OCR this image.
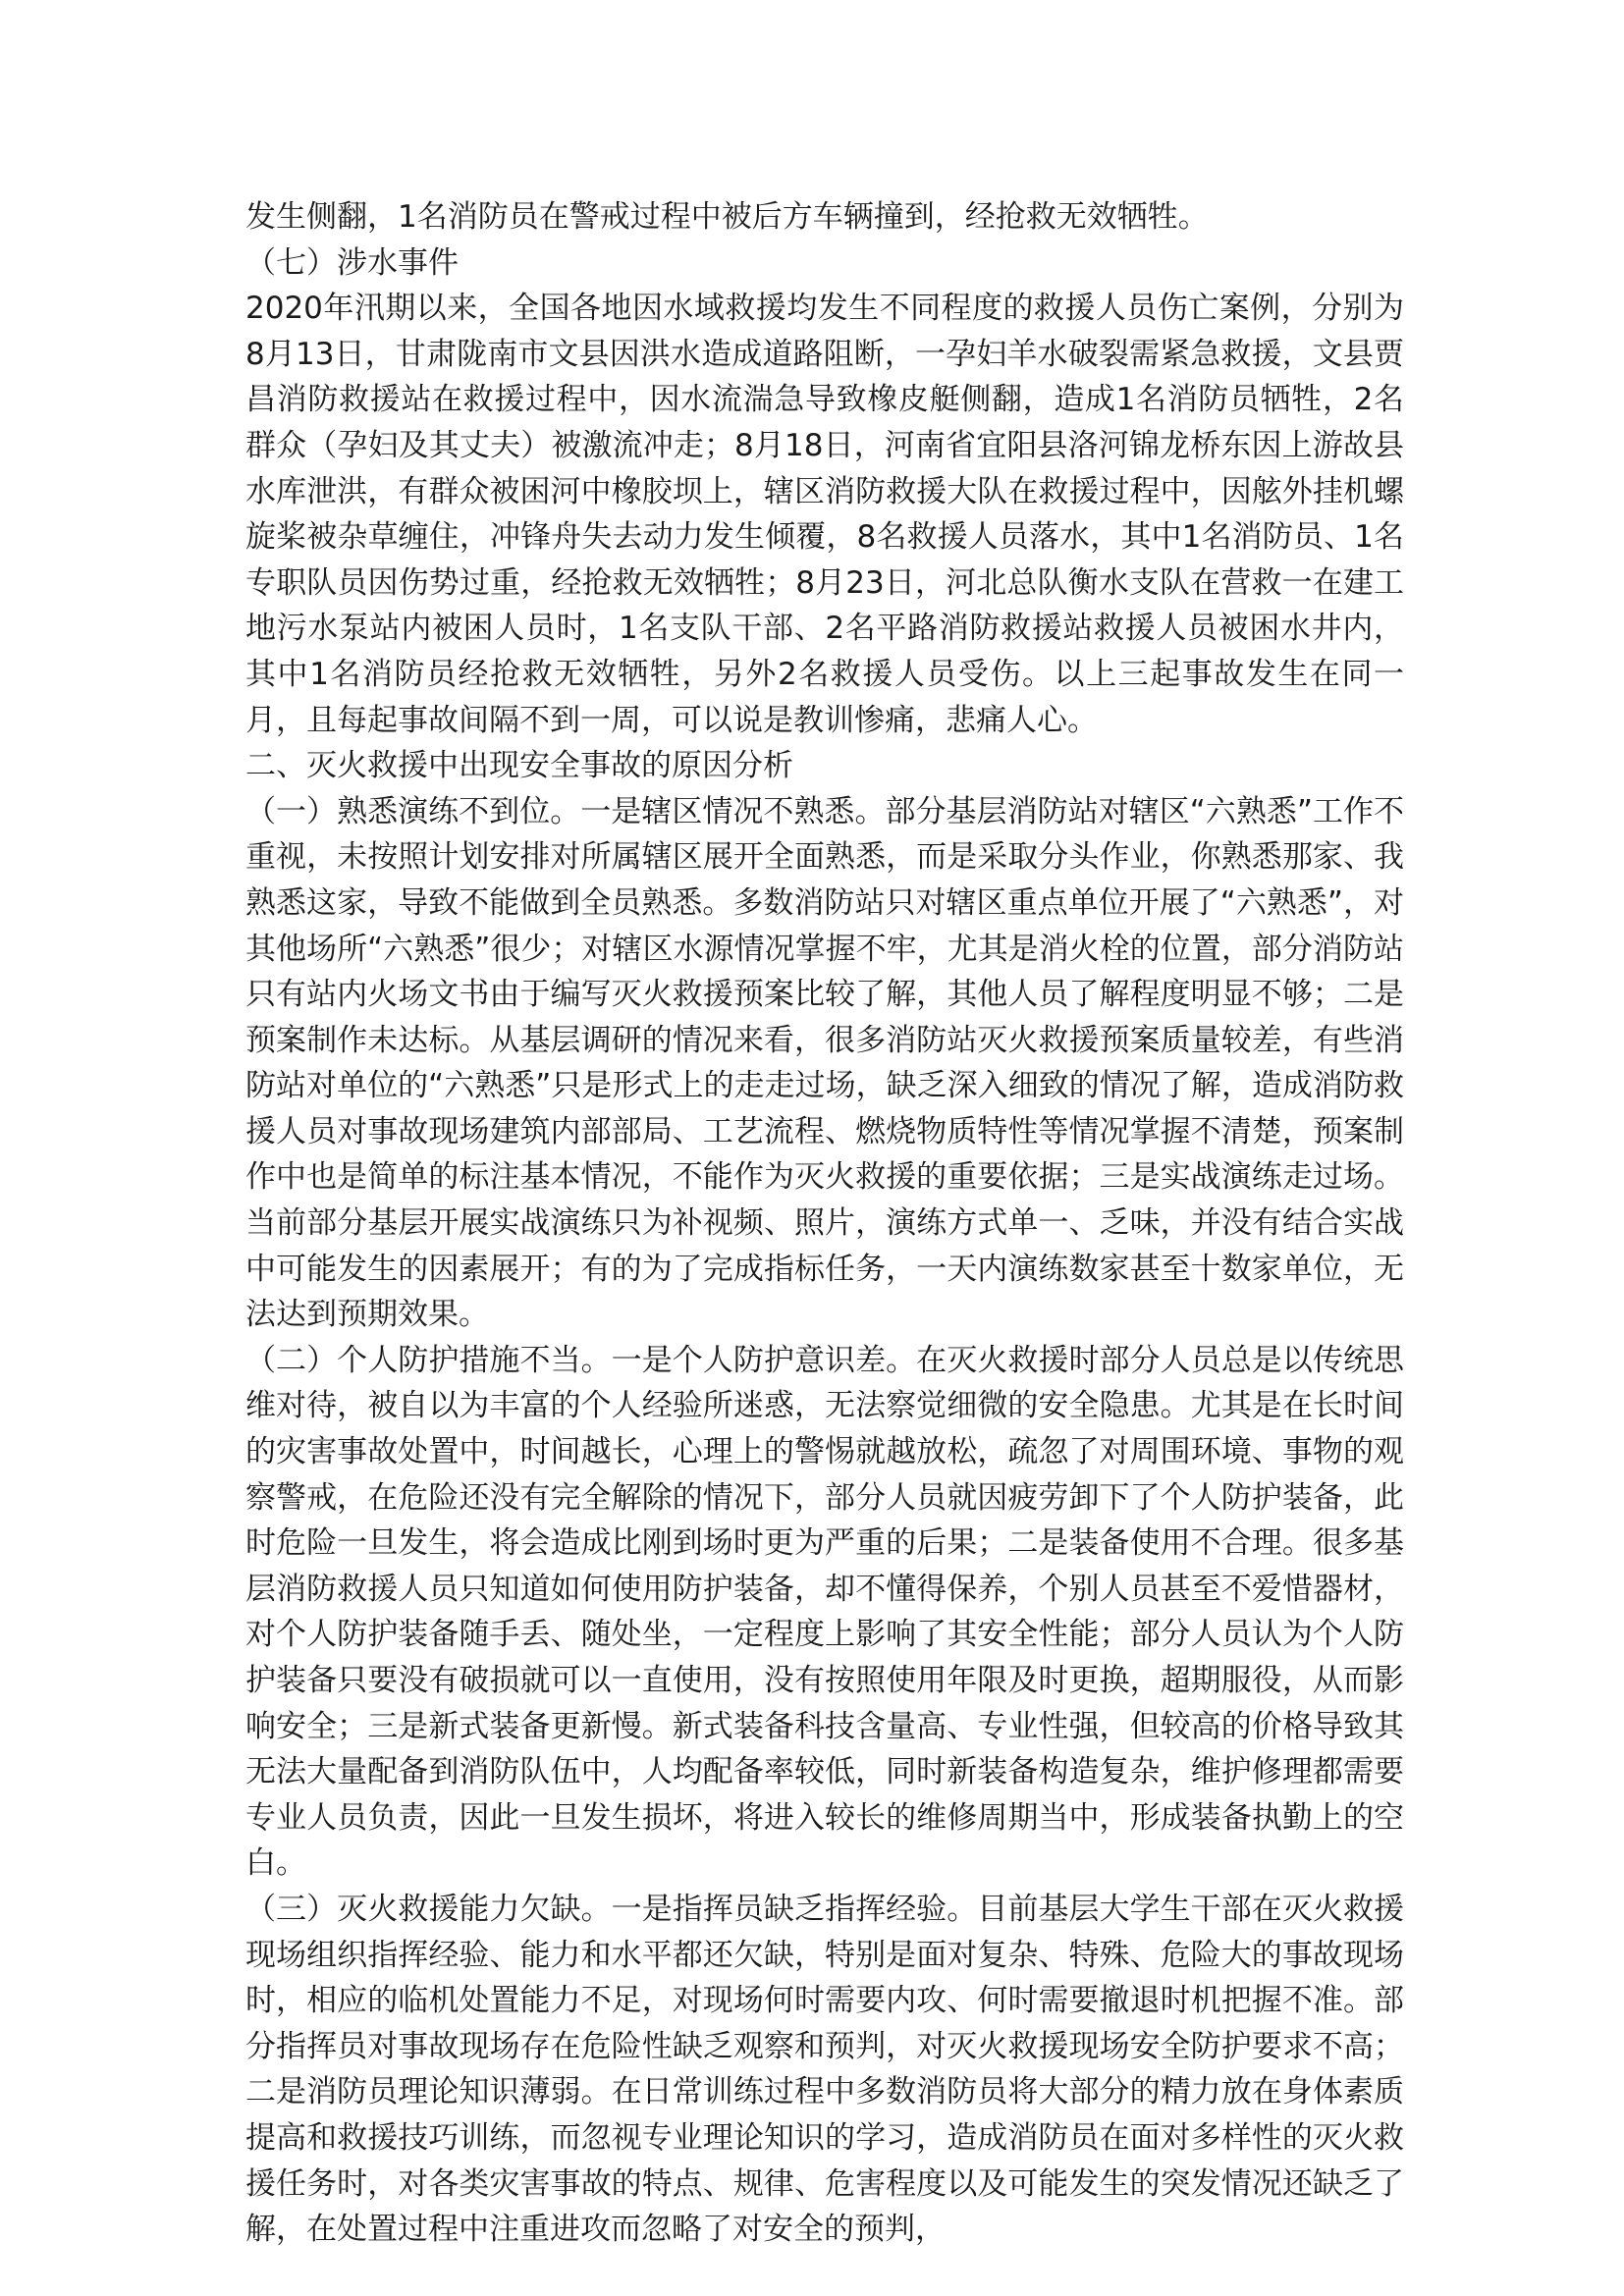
发生侧翻，1名消防员在警戒过程中被后方车辆撞到，经抢救无效牺牲。

（七）涉水事件

2020年汛期以来，全国各地因水域救援均发生不同程度的救援人员伤亡案例，分别为8月13日，甘肃陇南市文县因洪水造成道路阻断，一孕妇羊水破裂需紧急救援，文县贾昌消防救援站在救援过程中，因水流湍急导致橡皮艇侧翻，造成1名消防员牺牲，2名群众（孕妇及其丈夫）被激流冲走；8月18日，河南省宜阳县洛河锦龙桥东因上游故县水库泄洪，有群众被困河中橡胶坝上，辖区消防救援大队在救援过程中，因舷外挂机螺旋桨被杂草缠住，冲锋舟失去动力发生倾覆，8名救援人员落水，其中1名消防员、1名专职队员因伤势过重，经抢救无效牺牲；8月23日，河北总队衡水支队在营救一在建工地污水泵站内被困人员时，1名支队干部、2名平路消防救援站救援人员被困水井内，其中1名消防员经抢救无效牺牲，另外2名救援人员受伤。以上三起事故发生在同一月，且每起事故间隔不到一周，可以说是教训惨痛，悲痛人心。

二、灭火救援中出现安全事故的原因分析

（一）熟悉演练不到位。一是辖区情况不熟悉。部分基层消防站对辖区“六熟悉”工作不重视，未按照计划安排对所属辖区展开全面熟悉，而是采取分头作业，你熟悉那家、我熟悉这家，导致不能做到全员熟悉。多数消防站只对辖区重点单位开展了“六熟悉”，对其他场所“六熟悉”很少；对辖区水源情况掌握不牢，尤其是消火栓的位置，部分消防站只有站内火场文书由于编写灭火救援预案比较了解，其他人员了解程度明显不够；二是预案制作未达标。从基层调研的情况来看，很多消防站灭火救援预案质量较差，有些消防站对单位的“六熟悉”只是形式上的走走过场，缺乏深入细致的情况了解，造成消防救援人员对事故现场建筑内部部局、工艺流程、燃烧物质特性等情况掌握不清楚，预案制作中也是简单的标注基本情况，不能作为灭火救援的重要依据；三是实战演练走过场。当前部分基层开展实战演练只为补视频、照片，演练方式单一、乏味，并没有结合实战中可能发生的因素展开；有的为了完成指标任务，一天内演练数家甚至十数家单位，无法达到预期效果。

（二）个人防护措施不当。一是个人防护意识差。在灭火救援时部分人员总是以传统思维对待，被自以为丰富的个人经验所迷惑，无法察觉细微的安全隐患。尤其是在长时间的灾害事故处置中，时间越长，心理上的警惕就越放松，疏忽了对周围环境、事物的观察警戒，在危险还没有完全解除的情况下，部分人员就因疲劳卸下了个人防护装备，此时危险一旦发生，将会造成比刚到场时更为严重的后果；二是装备使用不合理。很多基层消防救援人员只知道如何使用防护装备，却不懂得保养，个别人员甚至不爱惜器材，对个人防护装备随手丢、随处坐，一定程度上影响了其安全性能；部分人员认为个人防护装备只要没有破损就可以一直使用，没有按照使用年限及时更换，超期服役，从而影响安全；三是新式装备更新慢。新式装备科技含量高、专业性强，但较高的价格导致其无法大量配备到消防队伍中，人均配备率较低，同时新装备构造复杂，维护修理都需要专业人员负责，因此一旦发生损坏，将进入较长的维修周期当中，形成装备执勤上的空白。

（三）灭火救援能力欠缺。一是指挥员缺乏指挥经验。目前基层大学生干部在灭火救援现场组织指挥经验、能力和水平都还欠缺，特别是面对复杂、特殊、危险大的事故现场时，相应的临机处置能力不足，对现场何时需要内攻、何时需要撤退时机把握不准。部分指挥员对事故现场存在危险性缺乏观察和预判，对灭火救援现场安全防护要求不高；二是消防员理论知识薄弱。在日常训练过程中多数消防员将大部分的精力放在身体素质提高和救援技巧训练，而忽视专业理论知识的学习，造成消防员在面对多样性的灭火救援任务时，对各类灾害事故的特点、规律、危害程度以及可能发生的突发情况还缺乏了解，在处置过程中注重进攻而忽略了对安全的预判，
